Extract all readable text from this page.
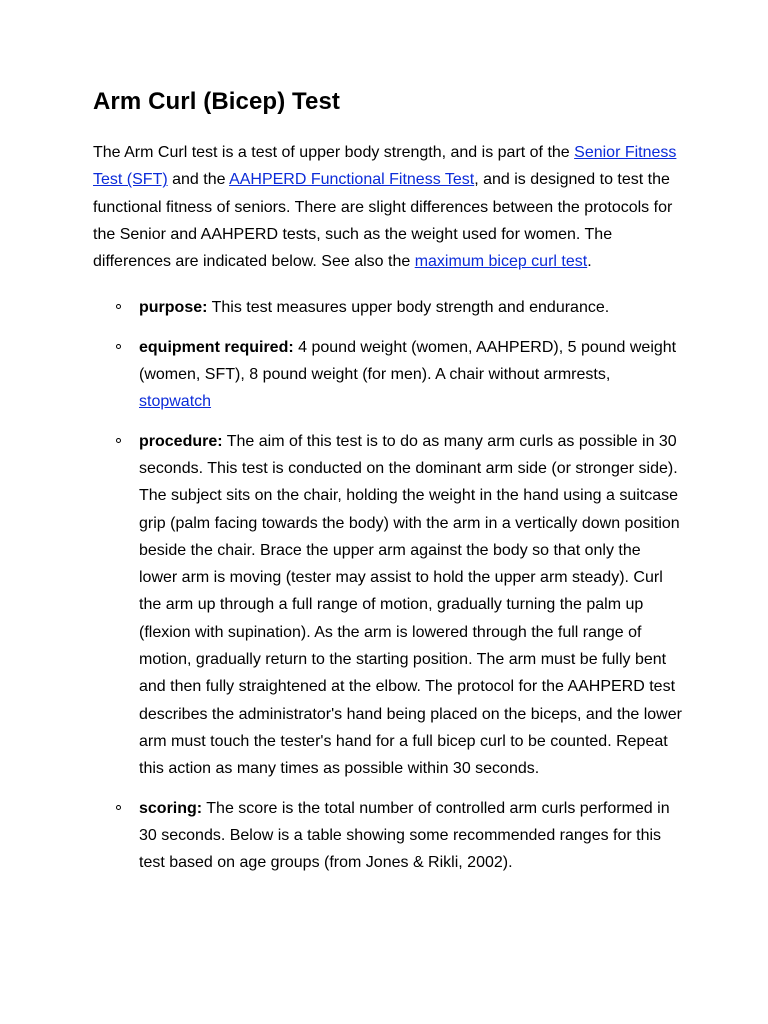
Arm Curl (Bicep) Test

The Arm Curl test is a test of upper body strength, and is part of the Senior Fitness Test (SFT) and the AAHPERD Functional Fitness Test, and is designed to test the functional fitness of seniors. There are slight differences between the protocols for the Senior and AAHPERD tests, such as the weight used for women. The differences are indicated below. See also the maximum bicep curl test.

purpose: This test measures upper body strength and endurance.
equipment required: 4 pound weight (women, AAHPERD), 5 pound weight (women, SFT), 8 pound weight (for men). A chair without armrests, stopwatch
procedure: The aim of this test is to do as many arm curls as possible in 30 seconds. This test is conducted on the dominant arm side (or stronger side). The subject sits on the chair, holding the weight in the hand using a suitcase grip (palm facing towards the body) with the arm in a vertically down position beside the chair. Brace the upper arm against the body so that only the lower arm is moving (tester may assist to hold the upper arm steady). Curl the arm up through a full range of motion, gradually turning the palm up (flexion with supination). As the arm is lowered through the full range of motion, gradually return to the starting position. The arm must be fully bent and then fully straightened at the elbow. The protocol for the AAHPERD test describes the administrator's hand being placed on the biceps, and the lower arm must touch the tester's hand for a full bicep curl to be counted. Repeat this action as many times as possible within 30 seconds.
scoring: The score is the total number of controlled arm curls performed in 30 seconds. Below is a table showing some recommended ranges for this test based on age groups (from Jones & Rikli, 2002).
